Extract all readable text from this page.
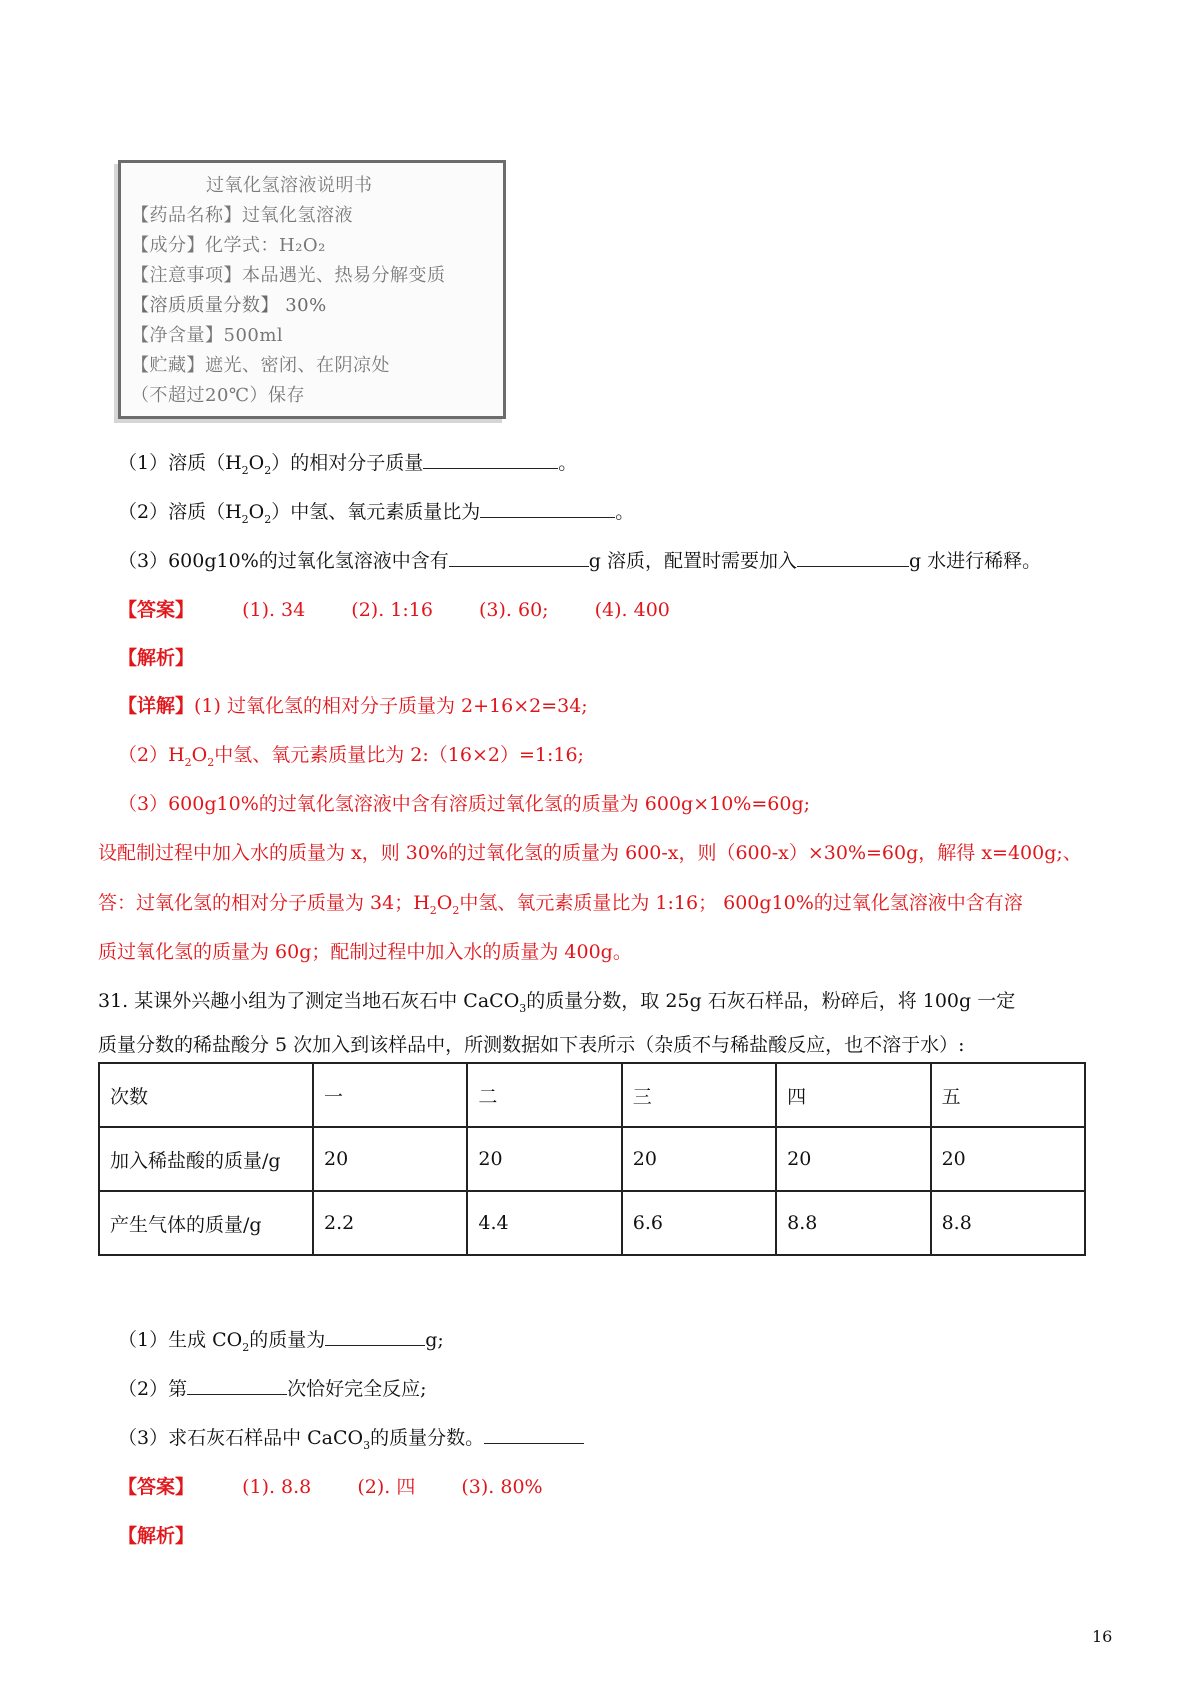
过氧化氢溶液说明书
【药品名称】过氧化氢溶液
【成分】化学式：H₂O₂
【注意事项】本品遇光、热易分解变质
【溶质质量分数】 30%
【净含量】500ml
【贮藏】遮光、密闭、在阴凉处
（不超过20℃）保存
（1）溶质$(H_2O_2)$的相对分子质量	。
（2）溶质$(H_2O_2)$中氢、氧元素质量比为	。
（3）600g10%的过氧化氢溶液中含有	g 溶质，配置时需要加入	g 水进行稀释。
【答案】	(1). 34 (2). 1:16 (3). 60; (4). 400
【解析】
【详解】(1) 过氧化氢的相对分子质量为 2+16×2=34;
$(2)H_2O_2$中氢、氧元素质量比为 2:（16×2）=1:16;
（3）600g10%的过氧化氢溶液中含有溶质过氧化氢的质量为 600g×10%=60g;
设配制过程中加入水的质量为 x，则 30%的过氧化氢的质量为 600-x，则（600-x）×30%=60g，解得 x=400g;、
答：过氧化氢的相对分子质量为 34；$H_2O_2$中氢、氧元素质量比为 1:16； 600g10%的过氧化氢溶液中含有溶
质过氧化氢的质量为 60g；配制过程中加入水的质量为 400g。
31. 某课外兴趣小组为了测定当地石灰石中 CaCO$_3$的质量分数，取 25g 石灰石样品，粉碎后，将 100g 一定
质量分数的稀盐酸分 5 次加入到该样品中，所测数据如下表所示（杂质不与稀盐酸反应，也不溶于水）:
次数	一	二	三	四	五
加入稀盐酸的质量/g	20	20	20	20	20
产生气体的质量/g	2.2	4.4	6.6	8.8	8.8
（1）生成 $CO_2$的质量为	g;
（2）第	次恰好完全反应;
（3）求石灰石样品中 CaCO$_3$的质量分数。
【答案】	(1). 8.8 (2). 四 (3). 80%
【解析】
16
